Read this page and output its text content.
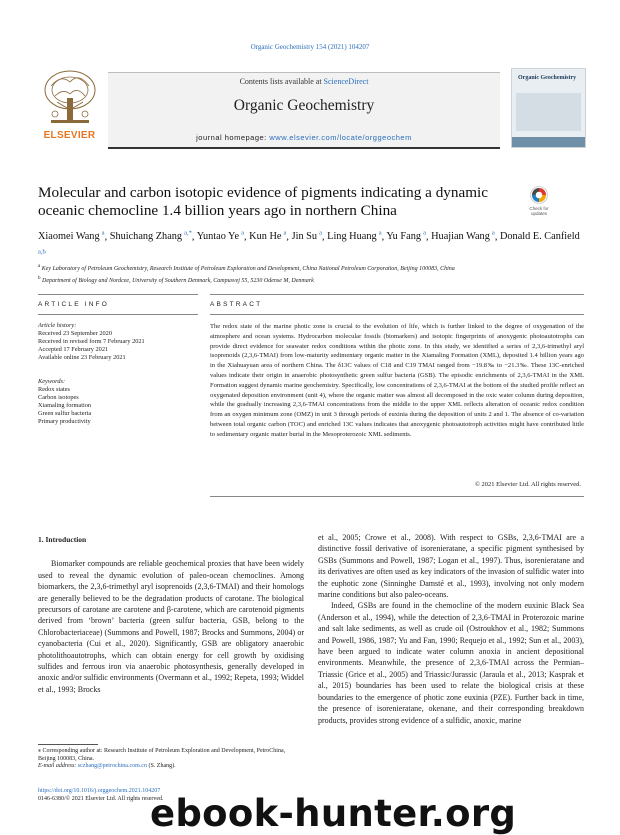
Organic Geochemistry 154 (2021) 104207
ELSEVIER
Contents lists available at ScienceDirect
Organic Geochemistry
journal homepage: www.elsevier.com/locate/orggeochem
Organic Geochemistry
Molecular and carbon isotopic evidence of pigments indicating a dynamic oceanic chemocline 1.4 billion years ago in northern China	Check for updates
Xiaomei Wang  $^a$, Shuichang Zhang  $^{a,*}$, Yuntao Ye  $^a$, Kun He  $^a$, Jin Su  $^a$, Ling Huang  $^a$, Yu Fang  $^a$, Huajian Wang  $^a$, Donald E. Canfield $^{a,b}$
$^a$ Key Laboratory of Petroleum Geochemistry, Research Institute of Petroleum Exploration and Development, China National Petroleum Corporation, Beijing 100083, China
$^b$ Department of Biology and Nordcee, University of Southern Denmark, Campusvej 55, 5230 Odense M, Denmark
ARTICLE INFO	ABSTRACT
Article history:
Received 23 September 2020
Received in revised form 7 February 2021
Accepted 17 February 2021
Available online 23 February 2021
Keywords:
Redox states
Carbon isotopes
Xiamaling formation
Green sulfur bacteria
Primary productivity
The redox state of the marine photic zone is crucial to the evolution of life, which is further linked to the degree of oxygenation of the atmosphere and ocean systems. Hydrocarbon molecular fossils (biomarkers) and isotopic fingerprints of anoxygenic photoautotrophs can provide direct evidence for seawater redox conditions within the photic zone. In this study, we identified a series of 2,3,6-trimethyl aryl isoprenoids (2,3,6-TMAI) from low-maturity sedimentary organic matter in the Xiamaling Formation (XML), deposited 1.4 billion years ago in the Xiahuayuan area of northern China. The δ13C values of C18 and C19 TMAI ranged from −19.8‰ to −21.3‰. These 13C-enriched values indicate their origin in anaerobic photosynthetic green sulfur bacteria (GSB). The episodic enrichments of 2,3,6-TMAI in the XML Formation suggest dynamic marine geochemistry. Specifically, low concentrations of 2,3,6-TMAI at the bottom of the studied profile reflect an oxygenated deposition environment (unit 4), where the organic matter was almost all decomposed in the oxic water column during deposition, while the gradually increasing 2,3,6-TMAI concentrations from the middle to the upper XML reflects alteration of oceanic redox condition from an oxygen minimum zone (OMZ) in unit 3 through periods of euxinia during the deposition of units 2 and 1. The absence of co-variation between total organic carbon (TOC) and enriched 13C values indicates that anoxygenic photoautotroph activities might have contributed little to sedimentary organic matter burial in the Mesoproterozoic XML sediments.
© 2021 Elsevier Ltd. All rights reserved.
1. Introduction
Biomarker compounds are reliable geochemical proxies that have been widely used to reveal the dynamic evolution of paleo-ocean chemoclines. Among biomarkers, the 2,3,6-trimethyl aryl isoprenoids (2,3,6-TMAI) and their homologs are generally believed to be the degradation products of carotane. The biological precursors of carotane are carotene and β-carotene, which are carotenoid pigments derived from ‘brown’ bacteria (green sulfur bacteria, GSB, belong to the Chlorobacteriaceae) (Summons and Powell, 1987; Brocks and Summons, 2004) or cyanobacteria (Cui et al., 2020). Significantly, GSB are obligatory anaerobic photolithoautotrophs, which can obtain energy for cell growth by oxidising sulfides and ferrous iron via anaerobic photosynthesis, generally developed in anoxic and/or sulfidic environments (Overmann et al., 1992; Repeta, 1993; Widdel et al., 1993; Brocks
et al., 2005; Crowe et al., 2008). With respect to GSBs, 2,3,6-TMAI are a distinctive fossil derivative of isorenieratane, a specific pigment synthesised by GSBs (Summons and Powell, 1987; Logan et al., 1997). Thus, isorenieratane and its derivatives are often used as key indicators of the invasion of sulfidic water into the euphotic zone (Sinninghe Damsté et al., 1993), involving not only modern marine conditions but also paleo-oceans.
Indeed, GSBs are found in the chemocline of the modern euxinic Black Sea (Anderson et al., 1994), while the detection of 2,3,6-TMAI in Proterozoic marine and salt lake sediments, as well as crude oil (Ostroukhov et al., 1982; Summons and Powell, 1986, 1987; Yu and Fan, 1990; Requejo et al., 1992; Sun et al., 2003), have been argued to indicate water column anoxia in ancient depositional environments. Meanwhile, the presence of 2,3,6-TMAI across the Permian–Triassic (Grice et al., 2005) and Triassic/Jurassic (Jaraula et al., 2013; Kasprak et al., 2015) boundaries has been used to relate the biological crisis at these boundaries to the emergence of photic zone euxinia (PZE). Further back in time, the presence of isorenieratane, okenane, and their corresponding breakdown products, provides strong evidence of a sulfidic, anoxic, marine
⁎ Corresponding author at: Research Institute of Petroleum Exploration and Development, PetroChina, Beijing 100083, China.
E-mail address: sczhang@petrochina.com.cn (S. Zhang).
https://doi.org/10.1016/j.orggeochem.2021.104207
0146-6380/© 2021 Elsevier Ltd. All rights reserved.
ebook-hunter.org
